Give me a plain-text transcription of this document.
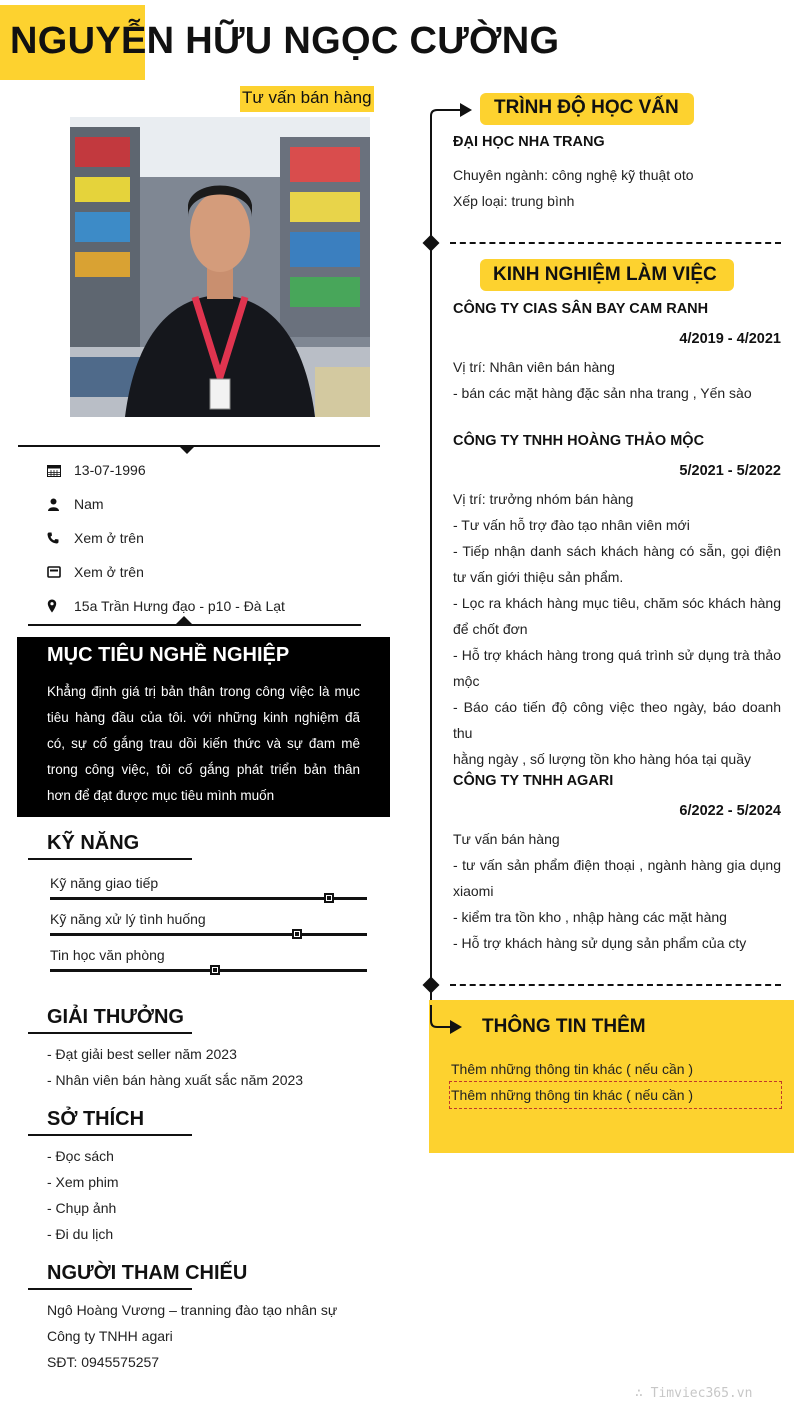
NGUYỄN HỮU NGỌC CƯỜNG
Tư vấn bán hàng
13-07-1996
Nam
Xem ở trên
Xem ở trên
15a Trần Hưng đạo - p10 - Đà Lạt
MỤC TIÊU NGHỀ NGHIỆP

Khẳng định giá trị bản thân trong công việc là mục
tiêu hàng đầu của tôi. với những kinh nghiệm đã
có, sự cố gắng trau dồi kiến thức và sự đam mê
trong công việc, tôi cố gắng phát triển bản thân
hơn để đạt được mục tiêu mình muốn

KỸ NĂNG
Kỹ năng giao tiếp
Kỹ năng xử lý tình huống
Tin học văn phòng
GIẢI THƯỞNG
- Đạt giải best seller năm 2023
- Nhân viên bán hàng xuất sắc năm 2023
SỞ THÍCH
- Đọc sách
- Xem phim
- Chụp ảnh
- Đi du lịch
NGƯỜI THAM CHIẾU
Ngô Hoàng Vương – tranning đào tạo nhân sự
Công ty TNHH agari
SĐT: 0945575257
TRÌNH ĐỘ HỌC VẤN
ĐẠI HỌC NHA TRANG
Chuyên ngành: công nghệ kỹ thuật oto
Xếp loại: trung bình
KINH NGHIỆM LÀM VIỆC
CÔNG TY CIAS SÂN BAY CAM RANH
4/2019 - 4/2021
Vị trí: Nhân viên bán hàng
- bán các mặt hàng đặc sản nha trang , Yến sào
CÔNG TY TNHH HOÀNG THẢO MỘC
5/2021 - 5/2022
Vị trí: trưởng nhóm bán hàng
- Tư vấn hỗ trợ đào tạo nhân viên mới
- Tiếp nhận danh sách khách hàng có sẵn, gọi điện
tư vấn giới thiệu sản phẩm.
- Lọc ra khách hàng mục tiêu, chăm sóc khách hàng
để chốt đơn
- Hỗ trợ khách hàng trong quá trình sử dụng trà thảo
mộc
- Báo cáo tiến độ công việc theo ngày, báo doanh thu
hằng ngày , số lượng tồn kho hàng hóa tại quầy
CÔNG TY TNHH AGARI
6/2022 - 5/2024
Tư vấn bán hàng
- tư vấn sản phẩm điện thoại , ngành hàng gia dụng
xiaomi
- kiểm tra tồn kho , nhập hàng các mặt hàng
- Hỗ trợ khách hàng sử dụng sản phẩm của cty
THÔNG TIN THÊM
Thêm những thông tin khác ( nếu cần )
Thêm những thông tin khác ( nếu cần )
∴ Timviec365.vn
